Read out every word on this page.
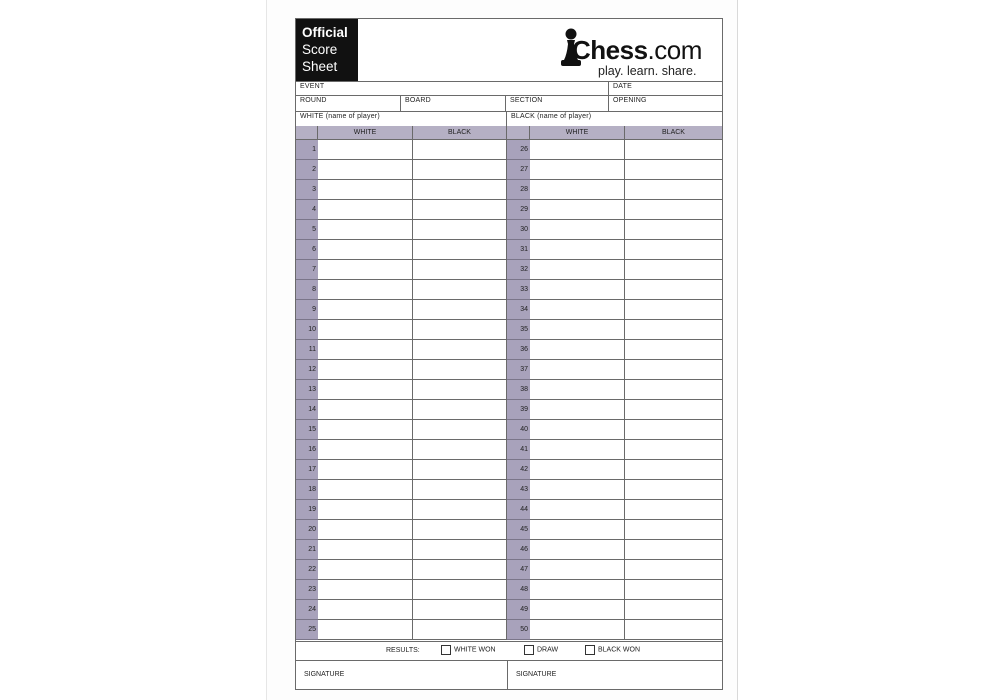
Official
Score
Sheet
Chess.com
play. learn. share.
EVENT	DATE
ROUND	BOARD	SECTION	OPENING
WHITE (name of player)	BLACK (name of player)
WHITE	BLACK	WHITE	BLACK
1	26
2	27
3	28
4	29
5	30
6	31
7	32
8	33
9	34
10	35
11	36
12	37
13	38
14	39
15	40
16	41
17	42
18	43
19	44
20	45
21	46
22	47
23	48
24	49
25	50
RESULTS:	WHITE WON	DRAW	BLACK WON
SIGNATURE	SIGNATURE
